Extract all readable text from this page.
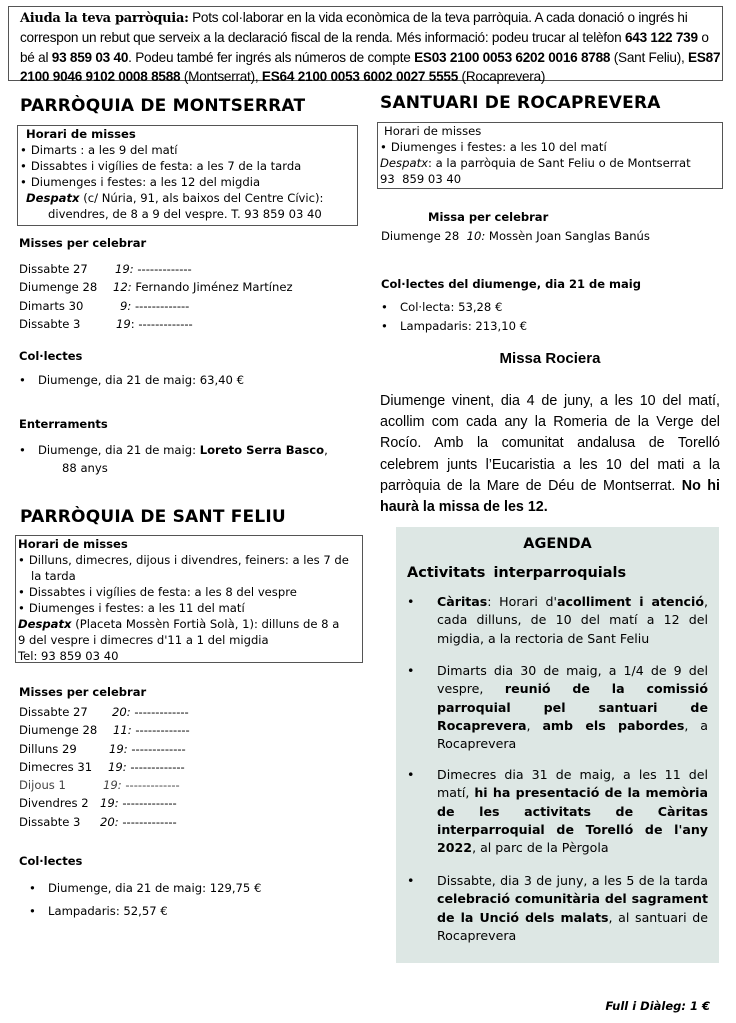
Aiuda la teva parròquia: Pots col·laborar en la vida econòmica de la teva parròquia. A cada donació o ingrés hi correspon un rebut que serveix a la declaració fiscal de la renda. Més informació: podeu trucar al telèfon 643 122 739 o bé al 93 859 03 40. Podeu també fer ingrés als números de compte ES03 2100 0053 6202 0016 8788 (Sant Feliu), ES87 2100 9046 9102 0008 8588 (Montserrat), ES64 2100 0053 6002 0027 5555 (Rocaprevera)
PARRÒQUIA DE MONTSERRAT
Horari de misses
• Dimarts : a les 9 del matí
• Dissabtes i vigílies de festa: a les 7 de la tarda
• Diumenges i festes: a les 12 del migdia
Despatx (c/ Núria, 91, als baixos del Centre Cívic):
divendres, de 8 a 9 del vespre. T. 93 859 03 40
Misses per celebrar
Dissabte 27 19: -------------
Diumenge 28 12: Fernando Jiménez Martínez
Dimarts 30	9: -------------
Dissabte 3	19: -------------
Col·lectes
• Diumenge, dia 21 de maig: 63,40 €
Enterraments
• Diumenge, dia 21 de maig: Loreto Serra Basco,
88 anys
PARRÒQUIA DE SANT FELIU
Horari de misses
• Dilluns, dimecres, dijous i divendres, feiners: a les 7 de
la tarda
• Dissabtes i vigílies de festa: a les 8 del vespre
• Diumenges i festes: a les 11 del matí
Despatx (Placeta Mossèn Fortià Solà, 1): dilluns de 8 a
9 del vespre i dimecres d'11 a 1 del migdia
Tel: 93 859 03 40
Misses per celebrar
Dissabte 27 20: -------------
Diumenge 28 11: -------------
Dilluns 29	19: -------------
Dimecres 31 19: -------------
Dijous 1	19: -------------
Divendres 2 19: -------------
Dissabte 3 20: -------------
Col·lectes
• Diumenge, dia 21 de maig: 129,75 €
• Lampadaris: 52,57 €
SANTUARI DE ROCAPREVERA
Horari de misses
• Diumenges i festes: a les 10 del matí
Despatx: a la parròquia de Sant Feliu o de Montserrat
93  859 03 40
Missa per celebrar
Diumenge 28 10: Mossèn Joan Sanglas Banús
Col·lectes del diumenge, dia 21 de maig
• Col·lecta: 53,28 €
• Lampadaris: 213,10 €
Missa Rociera
Diumenge vinent, dia 4 de juny, a les 10 del matí, acollim com cada any la Romeria de la Verge del Rocío. Amb la comunitat andalusa de Torelló celebrem junts l’Eucaristia a les 10 del mati a la parròquia de la Mare de Déu de Montserrat. No hi haurà la missa de les 12.
AGENDA
Activitats interparroquials
• Càritas: Horari d'acolliment i atenció, cada dilluns, de 10 del matí a 12 del migdia, a la rectoria de Sant Feliu
• Dimarts dia 30 de maig, a 1/4 de 9 del vespre, reunió de la comissió parroquial pel santuari de Rocaprevera, amb els pabordes, a Rocaprevera
• Dimecres dia 31 de maig, a les 11 del matí, hi ha presentació de la memòria de les activitats de Càritas interparroquial de Torelló de l'any 2022, al parc de la Pèrgola
• Dissabte, dia 3 de juny, a les 5 de la tarda celebració comunitària del sagrament de la Unció dels malats, al santuari de Rocaprevera
Full i Diàleg: 1 €
